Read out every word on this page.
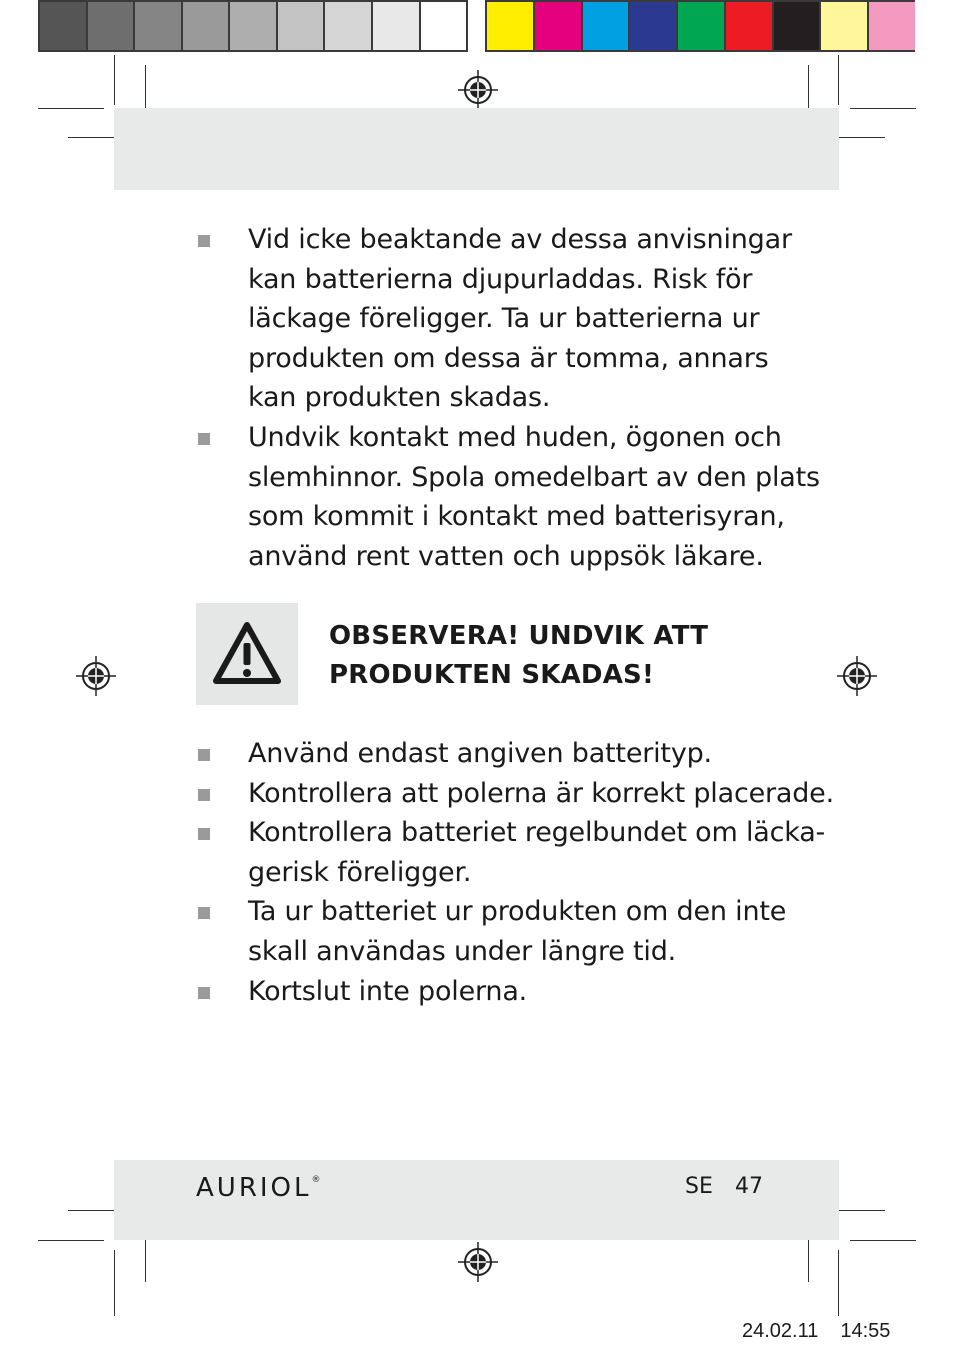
Vid icke beaktande av dessa anvisningar
kan batterierna djupurladdas. Risk för
läckage föreligger. Ta ur batterierna ur
produkten om dessa är tomma, annars
kan produkten skadas.
Undvik kontakt med huden, ögonen och
slemhinnor. Spola omedelbart av den plats
som kommit i kontakt med batterisyran,
använd rent vatten och uppsök läkare.
OBSERVERA! UNDVIK ATT
PRODUKTEN SKADAS!
Använd endast angiven batterityp.
Kontrollera att polerna är korrekt placerade.
Kontrollera batteriet regelbundet om läcka-
gerisk föreligger.
Ta ur batteriet ur produkten om den inte
skall användas under längre tid.
Kortslut inte polerna.
AURIOL®	SE 47
24.02.11 14:55
